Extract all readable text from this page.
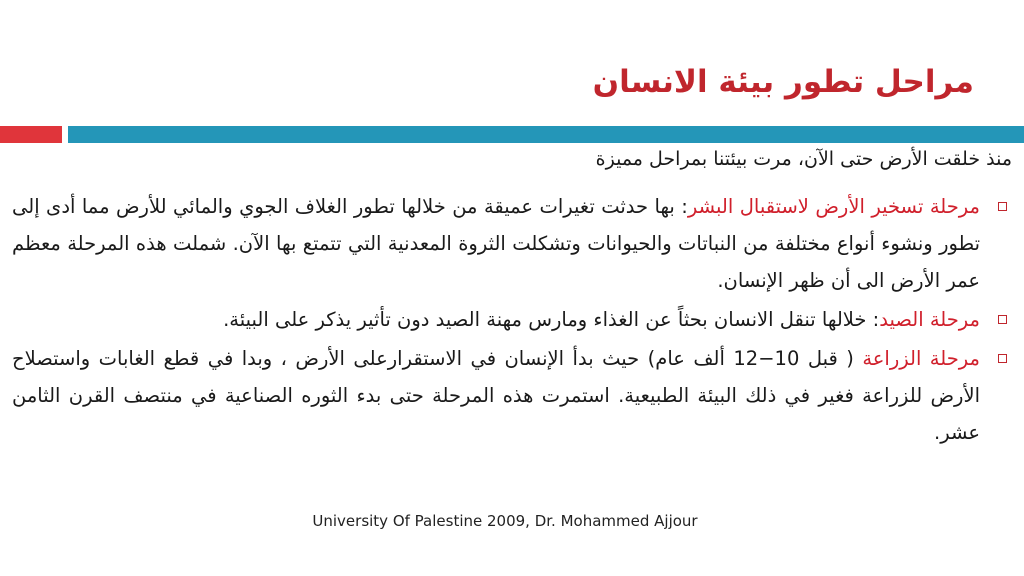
مراحل تطور بيئة الانسان
منذ خلقت الأرض حتى الآن، مرت بيئتنا بمراحل مميزة
مرحلة تسخير الأرض لاستقبال البشر: بها حدثت تغيرات عميقة من خلالها تطور الغلاف الجوي والمائي للأرض مما أدى إلى تطور ونشوء أنواع مختلفة من النباتات والحيوانات وتشكلت الثروة المعدنية التي تتمتع بها الآن. شملت هذه المرحلة معظم عمر الأرض الى أن ظهر الإنسان.
مرحلة الصيد: خلالها تنقل الانسان بحثاً عن الغذاء ومارس مهنة الصيد دون تأثير يذكر على البيئة.
مرحلة الزراعة ( قبل 10−12 ألف عام) حيث بدأ الإنسان في الاستقرارعلى الأرض ، وبدا في قطع الغابات واستصلاح الأرض للزراعة فغير في ذلك البيئة الطبيعية. استمرت هذه المرحلة حتى بدء الثوره الصناعية في منتصف القرن الثامن عشر.
University Of Palestine 2009, Dr. Mohammed Ajjour
